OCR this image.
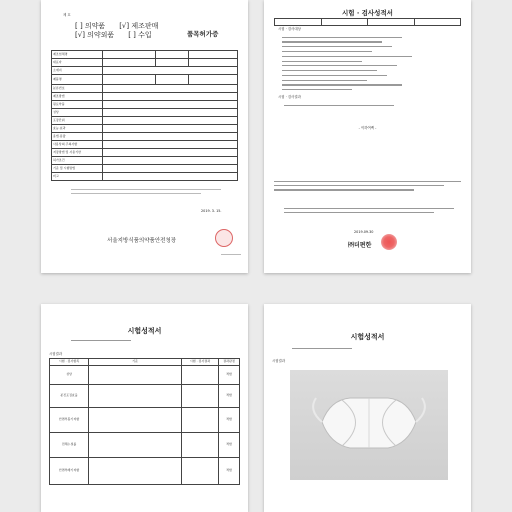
제 호
[ ] 의약품 [√] 제조판매
[√] 의약외품 [ ] 수입	품목허가증
제조업체명			
대표자			
소재지			
제품명			
분류번호			
제조방법			
원료약품			
성상			
포장단위			
효능·효과			
용법·용량			
사용상의 주의사항			
저장방법 및 사용기한			
허가조건			
기준 및 시험방법			
비고			
2019. 3. 15.
서울지방식품의약품안전청장
시험 · 검사성적서

시험 · 검사대상
시험 · 검사결과
- 이하여백 -
2019.09.30
㈜더편한
시험성적서
시험결과
시험 · 검사항목	기준	시험 · 검사결과	결과판정
성상			적합
분진포집효율			적합
안면부흡기저항			적합
전체누설률			적합
안면부배기저항			적합
시험성적서
시험결과
